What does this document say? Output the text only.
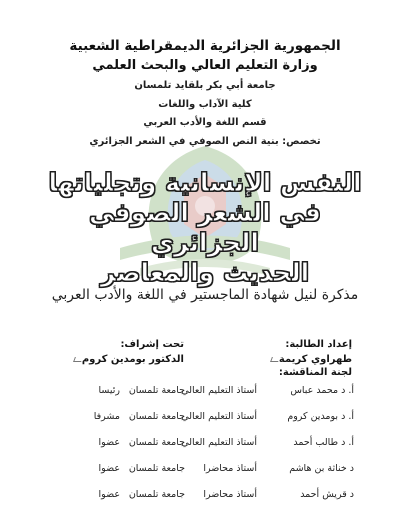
الجمهورية الجزائرية الديمقراطية الشعبية
وزارة التعليم العالي والبحث العلمي
جامعة أبي بكر بلقايد تلمسان
كلية الآداب واللغات
قسم اللغة والأدب العربي
تخصص: بنية النص الصوفي في الشعر الجزائري
النفس الإنسانية وتجلياتها
في الشعر الصوفي الجزائري
الحديث والمعاصر
مذكرة لنيل شهادة الماجستير في اللغة والأدب العربي
إعداد الطالبة:
طهراوي كريمة
لجنة المناقشة:
تحت إشراف:
الدكتور بومدين كروم
أ. د محمد عباس
أستاذ التعليم العالي
جامعة تلمسان
رئيسا
أ. د بومدين كروم
أستاذ التعليم العالي
جامعة تلمسان
مشرفا
أ. د طالب أحمد
أستاذ التعليم العالي
جامعة تلمسان
عضوا
د خناثة بن هاشم
أستاذ محاضرا
جامعة تلمسان
عضوا
د قريش أحمد
أستاذ محاضرا
جامعة تلمسان
عضوا
